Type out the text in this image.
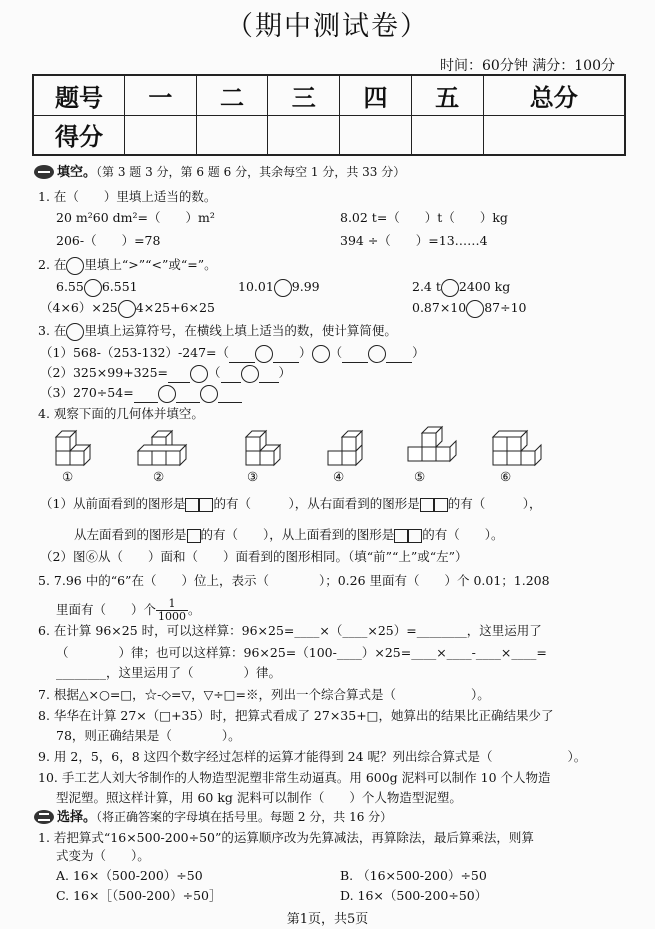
（期中测试卷）
时间：60分钟 满分：100分
题号	一	二	三	四	五	总分
得分						
填空。（第 3 题 3 分，第 6 题 6 分，其余每空 1 分，共 33 分）
1. 在（　　）里填上适当的数。
20 m²60 dm²=（　　）m²	8.02 t=（　　）t（　　）kg
206-（　　）=78	394 ÷（　　）=13……4
2. 在 里填上“>”“<”或“=”。
6.55 6.551	10.01 9.99	2.4 t 2400 kg
（4×6）×25 4×25+6×25	0.87×10 87÷10
3. 在 里填上运算符号，在横线上填上适当的数，使计算简便。
（1）568-（253-132）-247=（	） （	）
（2）325×99+325=	（	）
（3）270÷54=
4. 观察下面的几何体并填空。
①	②	③	④	⑤	⑥
（1）从前面看到的图形是 的有（　　　），从右面看到的图形是 的有（　　　），
从左面看到的图形是 的有（　　），从上面看到的图形是 的有（　　）。
（2）图⑥从（　　）面和（　　）面看到的图形相同。（填“前”“上”或“左”）
5. 7.96 中的“6”在（　　）位上，表示（　　　　）；0.26 里面有（　　）个 0.01；1.208
里面有（　　）个 $\frac{1}{1000}$ 。
6. 在计算 96×25 时，可以这样算：96×25=____×（____×25）=________，这里运用了
（　　　　）律；也可以这样算：96×25=（100-____）×25=____×____-____×____=
________，这里运用了（　　　　）律。
7. 根据△×○=□，☆-◇=▽，▽÷□=※，列出一个综合算式是（　　　　　　）。
8. 华华在计算 27×（□+35）时，把算式看成了 27×35+□，她算出的结果比正确结果少了
78，则正确结果是（　　　　）。
9. 用 2，5，6，8 这四个数字经过怎样的运算才能得到 24 呢？列出综合算式是（　　　　　　）。
10. 手工艺人刘大爷制作的人物造型泥塑非常生动逼真。用 600g 泥料可以制作 10 个人物造
型泥塑。照这样计算，用 60 kg 泥料可以制作（　　）个人物造型泥塑。
选择。（将正确答案的字母填在括号里。每题 2 分，共 16 分）
1. 若把算式“16×500-200÷50”的运算顺序改为先算减法，再算除法，最后算乘法，则算
式变为（　　）。
A. 16×（500-200）÷50	B. （16×500-200）÷50
C. 16×［（500-200）÷50］	D. 16×（500-200÷50）
第1页，共5页
